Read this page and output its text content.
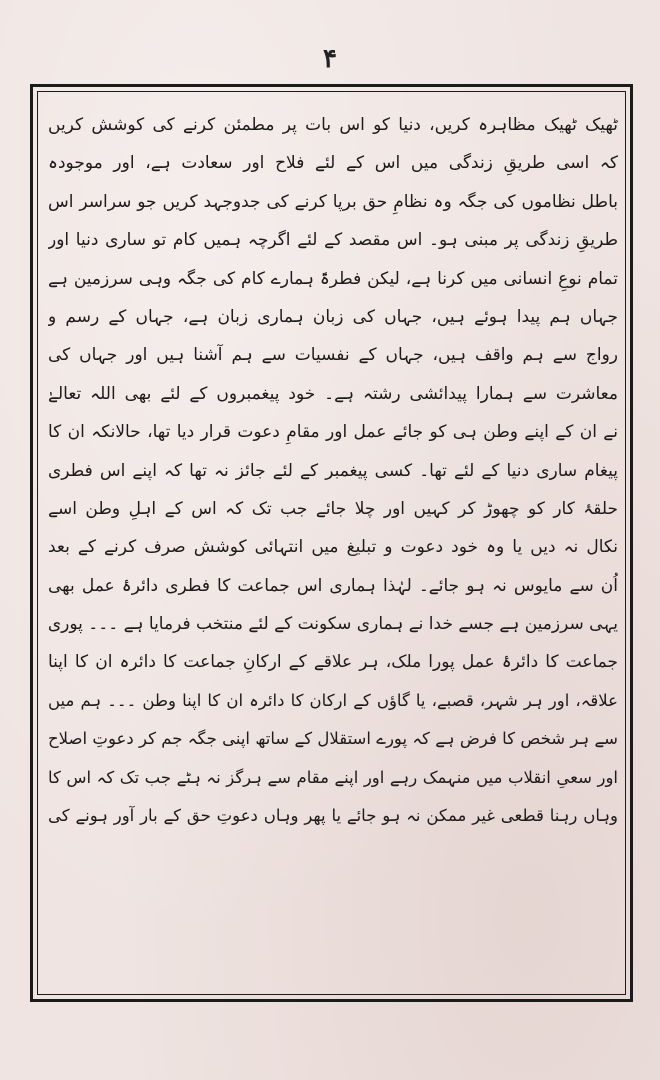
۴
ٹھیک ٹھیک مظاہرہ کریں، دنیا کو اس بات پر مطمئن کرنے کی کوشش کریں
کہ اسی طریقِ زندگی میں اس کے لئے فلاح اور سعادت ہے، اور موجودہ
باطل نظاموں کی جگہ وہ نظامِ حق برپا کرنے کی جدوجہد کریں جو سراسر اس
طریقِ زندگی پر مبنی ہو۔ اس مقصد کے لئے اگرچہ ہمیں کام تو ساری دنیا اور
تمام نوعِ انسانی میں کرنا ہے، لیکن فطرۃً ہمارے کام کی جگہ وہی سرزمین ہے
جہاں ہم پیدا ہوئے ہیں، جہاں کی زبان ہماری زبان ہے، جہاں کے رسم و
رواج سے ہم واقف ہیں، جہاں کے نفسیات سے ہم آشنا ہیں اور جہاں کی
معاشرت سے ہمارا پیدائشی رشتہ ہے۔ خود پیغمبروں کے لئے بھی اللہ تعالےٰ
نے ان کے اپنے وطن ہی کو جائے عمل اور مقامِ دعوت قرار دیا تھا، حالانکہ ان کا
پیغام ساری دنیا کے لئے تھا۔ کسی پیغمبر کے لئے جائز نہ تھا کہ اپنے اس فطری
حلقۂ کار کو چھوڑ کر کہیں اور چلا جائے جب تک کہ اس کے اہلِ وطن اسے
نکال نہ دیں یا وہ خود دعوت و تبلیغ میں انتہائی کوشش صرف کرنے کے بعد
اُن سے مایوس نہ ہو جائے۔ لہٰذا ہماری اس جماعت کا فطری دائرۂ عمل بھی
یہی سرزمین ہے جسے خدا نے ہماری سکونت کے لئے منتخب فرمایا ہے ۔۔۔ پوری
جماعت کا دائرۂ عمل پورا ملک، ہر علاقے کے ارکانِ جماعت کا دائرہ ان کا اپنا
علاقہ، اور ہر شہر، قصبے، یا گاؤں کے ارکان کا دائرہ ان کا اپنا وطن ۔۔۔ ہم میں
سے ہر شخص کا فرض ہے کہ پورے استقلال کے ساتھ اپنی جگہ جم کر دعوتِ اصلاح
اور سعیِ انقلاب میں منہمک رہے اور اپنے مقام سے ہرگز نہ ہٹے جب تک کہ اس کا
وہاں رہنا قطعی غیر ممکن نہ ہو جائے یا پھر وہاں دعوتِ حق کے بار آور ہونے کی
